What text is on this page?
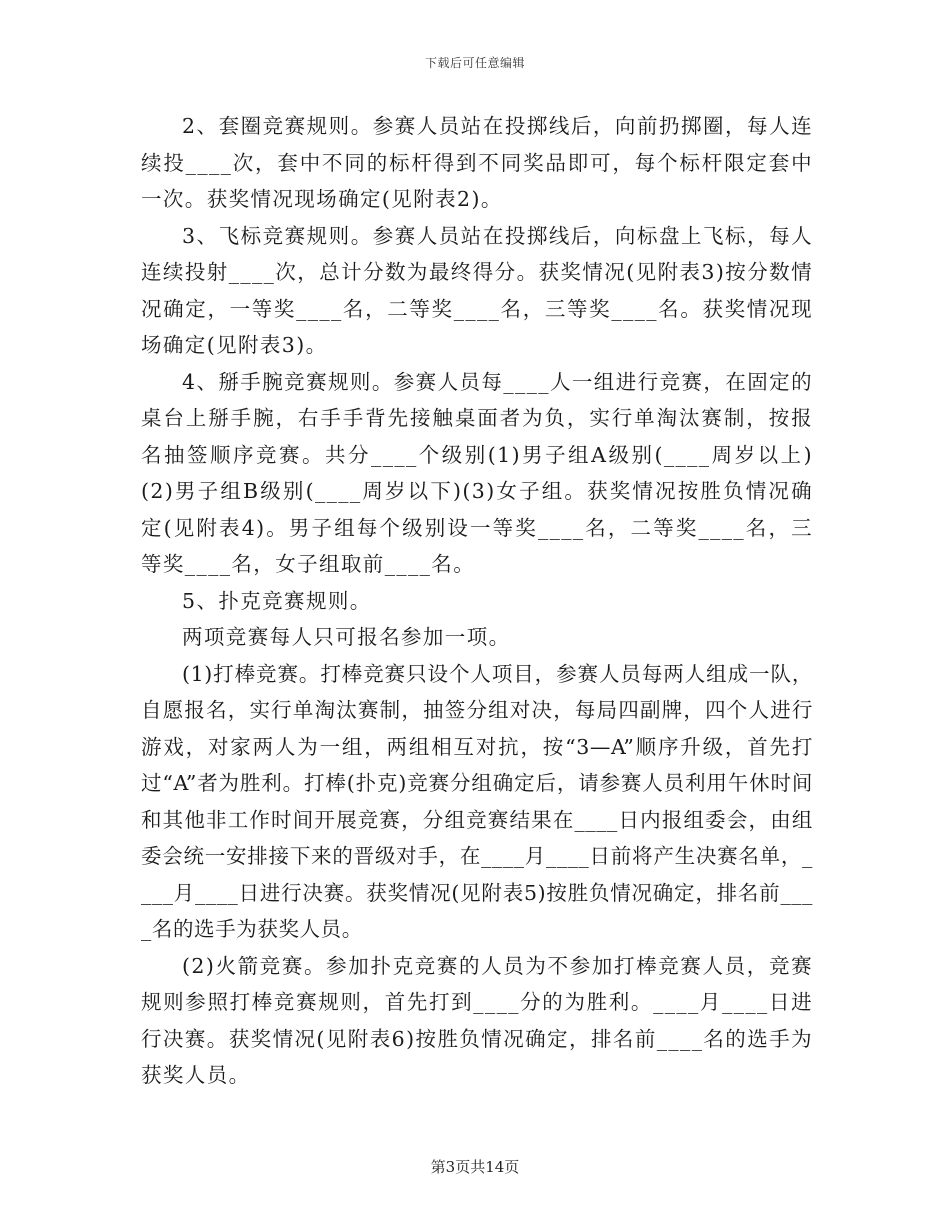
下载后可任意编辑

2、套圈竞赛规则。参赛人员站在投掷线后，向前扔掷圈，每人连续投____次，套中不同的标杆得到不同奖品即可，每个标杆限定套中一次。获奖情况现场确定(见附表2)。

3、飞标竞赛规则。参赛人员站在投掷线后，向标盘上飞标，每人连续投射____次，总计分数为最终得分。获奖情况(见附表3)按分数情况确定，一等奖____名，二等奖____名，三等奖____名。获奖情况现场确定(见附表3)。

4、掰手腕竞赛规则。参赛人员每____人一组进行竞赛，在固定的桌台上掰手腕，右手手背先接触桌面者为负，实行单淘汰赛制，按报名抽签顺序竞赛。共分____个级别(1)男子组A级别(____周岁以上)(2)男子组B级别(____周岁以下)(3)女子组。获奖情况按胜负情况确定(见附表4)。男子组每个级别设一等奖____名，二等奖____名，三等奖____名，女子组取前____名。

5、扑克竞赛规则。

两项竞赛每人只可报名参加一项。

(1)打棒竞赛。打棒竞赛只设个人项目，参赛人员每两人组成一队，自愿报名，实行单淘汰赛制，抽签分组对决，每局四副牌，四个人进行游戏，对家两人为一组，两组相互对抗，按“3—A”顺序升级，首先打过“A”者为胜利。打棒(扑克)竞赛分组确定后，请参赛人员利用午休时间和其他非工作时间开展竞赛，分组竞赛结果在____日内报组委会，由组委会统一安排接下来的晋级对手，在____月____日前将产生决赛名单，____月____日进行决赛。获奖情况(见附表5)按胜负情况确定，排名前____名的选手为获奖人员。

(2)火箭竞赛。参加扑克竞赛的人员为不参加打棒竞赛人员，竞赛规则参照打棒竞赛规则，首先打到____分的为胜利。____月____日进行决赛。获奖情况(见附表6)按胜负情况确定，排名前____名的选手为获奖人员。

第3页共14页
